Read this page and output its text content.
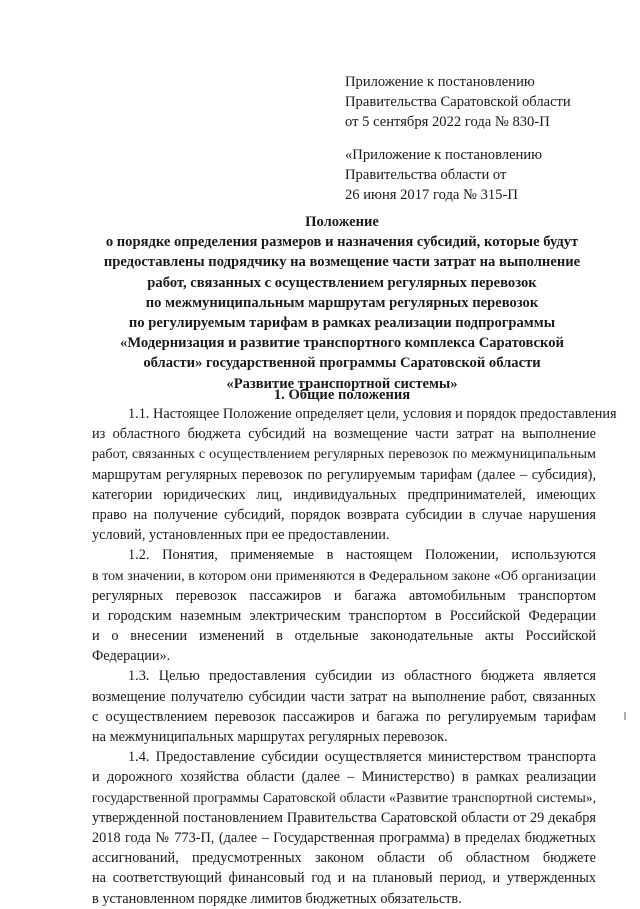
Приложение к постановлению
Правительства Саратовской области
от 5 сентября 2022 года № 830-П
«Приложение к постановлению
Правительства области от
26 июня 2017 года № 315-П
Положение
о порядке определения размеров и назначения субсидий, которые будут
предоставлены подрядчику на возмещение части затрат на выполнение
работ, связанных с осуществлением регулярных перевозок
по межмуниципальным маршрутам регулярных перевозок
по регулируемым тарифам в рамках реализации подпрограммы
«Модернизация и развитие транспортного комплекса Саратовской
области» государственной программы Саратовской области
«Развитие транспортной системы»
1. Общие положения
1.1. Настоящее Положение определяет цели, условия и порядок предоставления
из областного бюджета субсидий на возмещение части затрат на выполнение
работ, связанных с осуществлением регулярных перевозок по межмуниципальным
маршрутам регулярных перевозок по регулируемым тарифам (далее – субсидия),
категории юридических лиц, индивидуальных предпринимателей, имеющих
право на получение субсидий, порядок возврата субсидии в случае нарушения
условий, установленных при ее предоставлении.
1.2. Понятия, применяемые в настоящем Положении, используются
в том значении, в котором они применяются в Федеральном законе «Об организации
регулярных перевозок пассажиров и багажа автомобильным транспортом
и городским наземным электрическим транспортом в Российской Федерации
и о внесении изменений в отдельные законодательные акты Российской
Федерации».
1.3. Целью предоставления субсидии из областного бюджета является
возмещение получателю субсидии части затрат на выполнение работ, связанных
с осуществлением перевозок пассажиров и багажа по регулируемым тарифам
на межмуниципальных маршрутах регулярных перевозок.
1.4. Предоставление субсидии осуществляется министерством транспорта
и дорожного хозяйства области (далее – Министерство) в рамках реализации
государственной программы Саратовской области «Развитие транспортной системы»,
утвержденной постановлением Правительства Саратовской области от 29 декабря
2018 года № 773-П, (далее – Государственная программа) в пределах бюджетных
ассигнований, предусмотренных законом области об областном бюджете
на соответствующий финансовый год и на плановый период, и утвержденных
в установленном порядке лимитов бюджетных обязательств.
